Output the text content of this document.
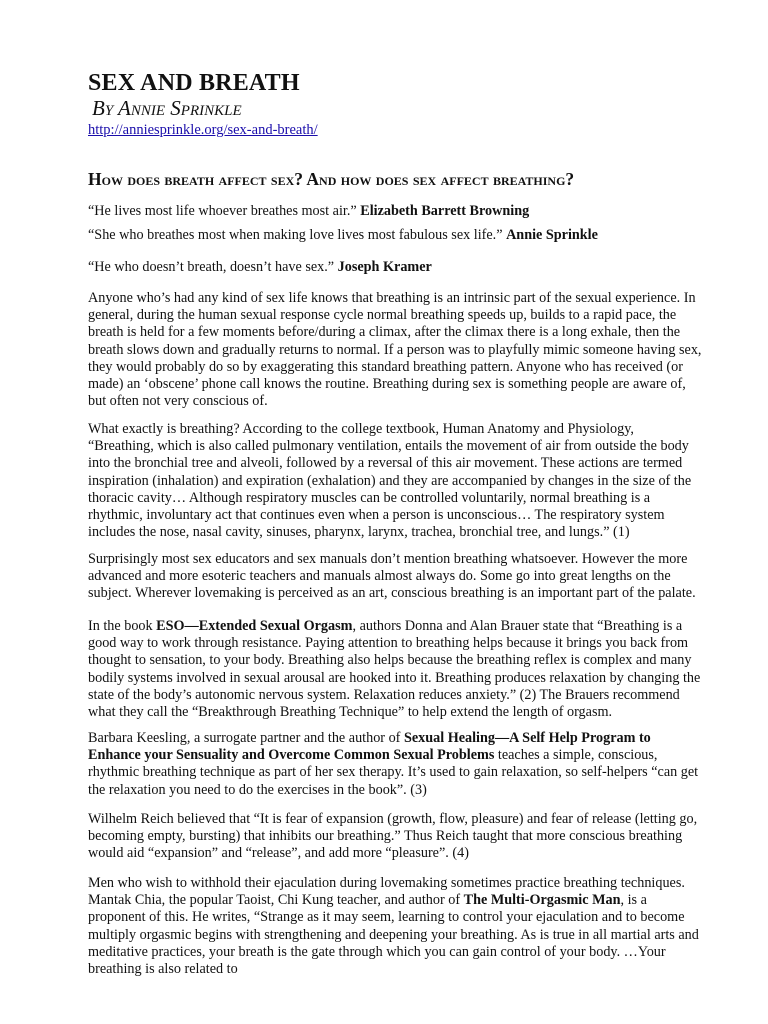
SEX AND BREATH

By Annie Sprinkle

http://anniesprinkle.org/sex-and-breath/
How does breath affect sex? And how does sex affect breathing?

“He lives most life whoever breathes most air.” Elizabeth Barrett Browning

“She who breathes most when making love lives most fabulous sex life.” Annie Sprinkle

“He who doesn’t breath, doesn’t have sex.” Joseph Kramer

Anyone who’s had any kind of sex life knows that breathing is an intrinsic part of the sexual experience. In general, during the human sexual response cycle normal breathing speeds up, builds to a rapid pace, the breath is held for a few moments before/during a climax, after the climax there is a long exhale, then the breath slows down and gradually returns to normal. If a person was to playfully mimic someone having sex, they would probably do so by exaggerating this standard breathing pattern. Anyone who has received (or made) an ‘obscene’ phone call knows the routine. Breathing during sex is something people are aware of, but often not very conscious of.

What exactly is breathing? According to the college textbook, Human Anatomy and Physiology, “Breathing, which is also called pulmonary ventilation, entails the movement of air from outside the body into the bronchial tree and alveoli, followed by a reversal of this air movement. These actions are termed inspiration (inhalation) and expiration (exhalation) and they are accompanied by changes in the size of the thoracic cavity… Although respiratory muscles can be controlled voluntarily, normal breathing is a rhythmic, involuntary act that continues even when a person is unconscious… The respiratory system includes the nose, nasal cavity, sinuses, pharynx, larynx, trachea, bronchial tree, and lungs.” (1)

Surprisingly most sex educators and sex manuals don’t mention breathing whatsoever. However the more advanced and more esoteric teachers and manuals almost always do. Some go into great lengths on the subject. Wherever lovemaking is perceived as an art, conscious breathing is an important part of the palate.

In the book ESO—Extended Sexual Orgasm, authors Donna and Alan Brauer state that “Breathing is a good way to work through resistance. Paying attention to breathing helps because it brings you back from thought to sensation, to your body. Breathing also helps because the breathing reflex is complex and many bodily systems involved in sexual arousal are hooked into it. Breathing produces relaxation by changing the state of the body’s autonomic nervous system. Relaxation reduces anxiety.” (2) The Brauers recommend what they call the “Breakthrough Breathing Technique” to help extend the length of orgasm.

Barbara Keesling, a surrogate partner and the author of Sexual Healing—A Self Help Program to Enhance your Sensuality and Overcome Common Sexual Problems teaches a simple, conscious, rhythmic breathing technique as part of her sex therapy. It’s used to gain relaxation, so self-helpers “can get the relaxation you need to do the exercises in the book”. (3)

Wilhelm Reich believed that “It is fear of expansion (growth, flow, pleasure) and fear of release (letting go, becoming empty, bursting) that inhibits our breathing.” Thus Reich taught that more conscious breathing would aid “expansion” and “release”, and add more “pleasure”. (4)

Men who wish to withhold their ejaculation during lovemaking sometimes practice breathing techniques. Mantak Chia, the popular Taoist, Chi Kung teacher, and author of The Multi-Orgasmic Man, is a proponent of this. He writes, “Strange as it may seem, learning to control your ejaculation and to become multiply orgasmic begins with strengthening and deepening your breathing. As is true in all martial arts and meditative practices, your breath is the gate through which you can gain control of your body. …Your breathing is also related to
